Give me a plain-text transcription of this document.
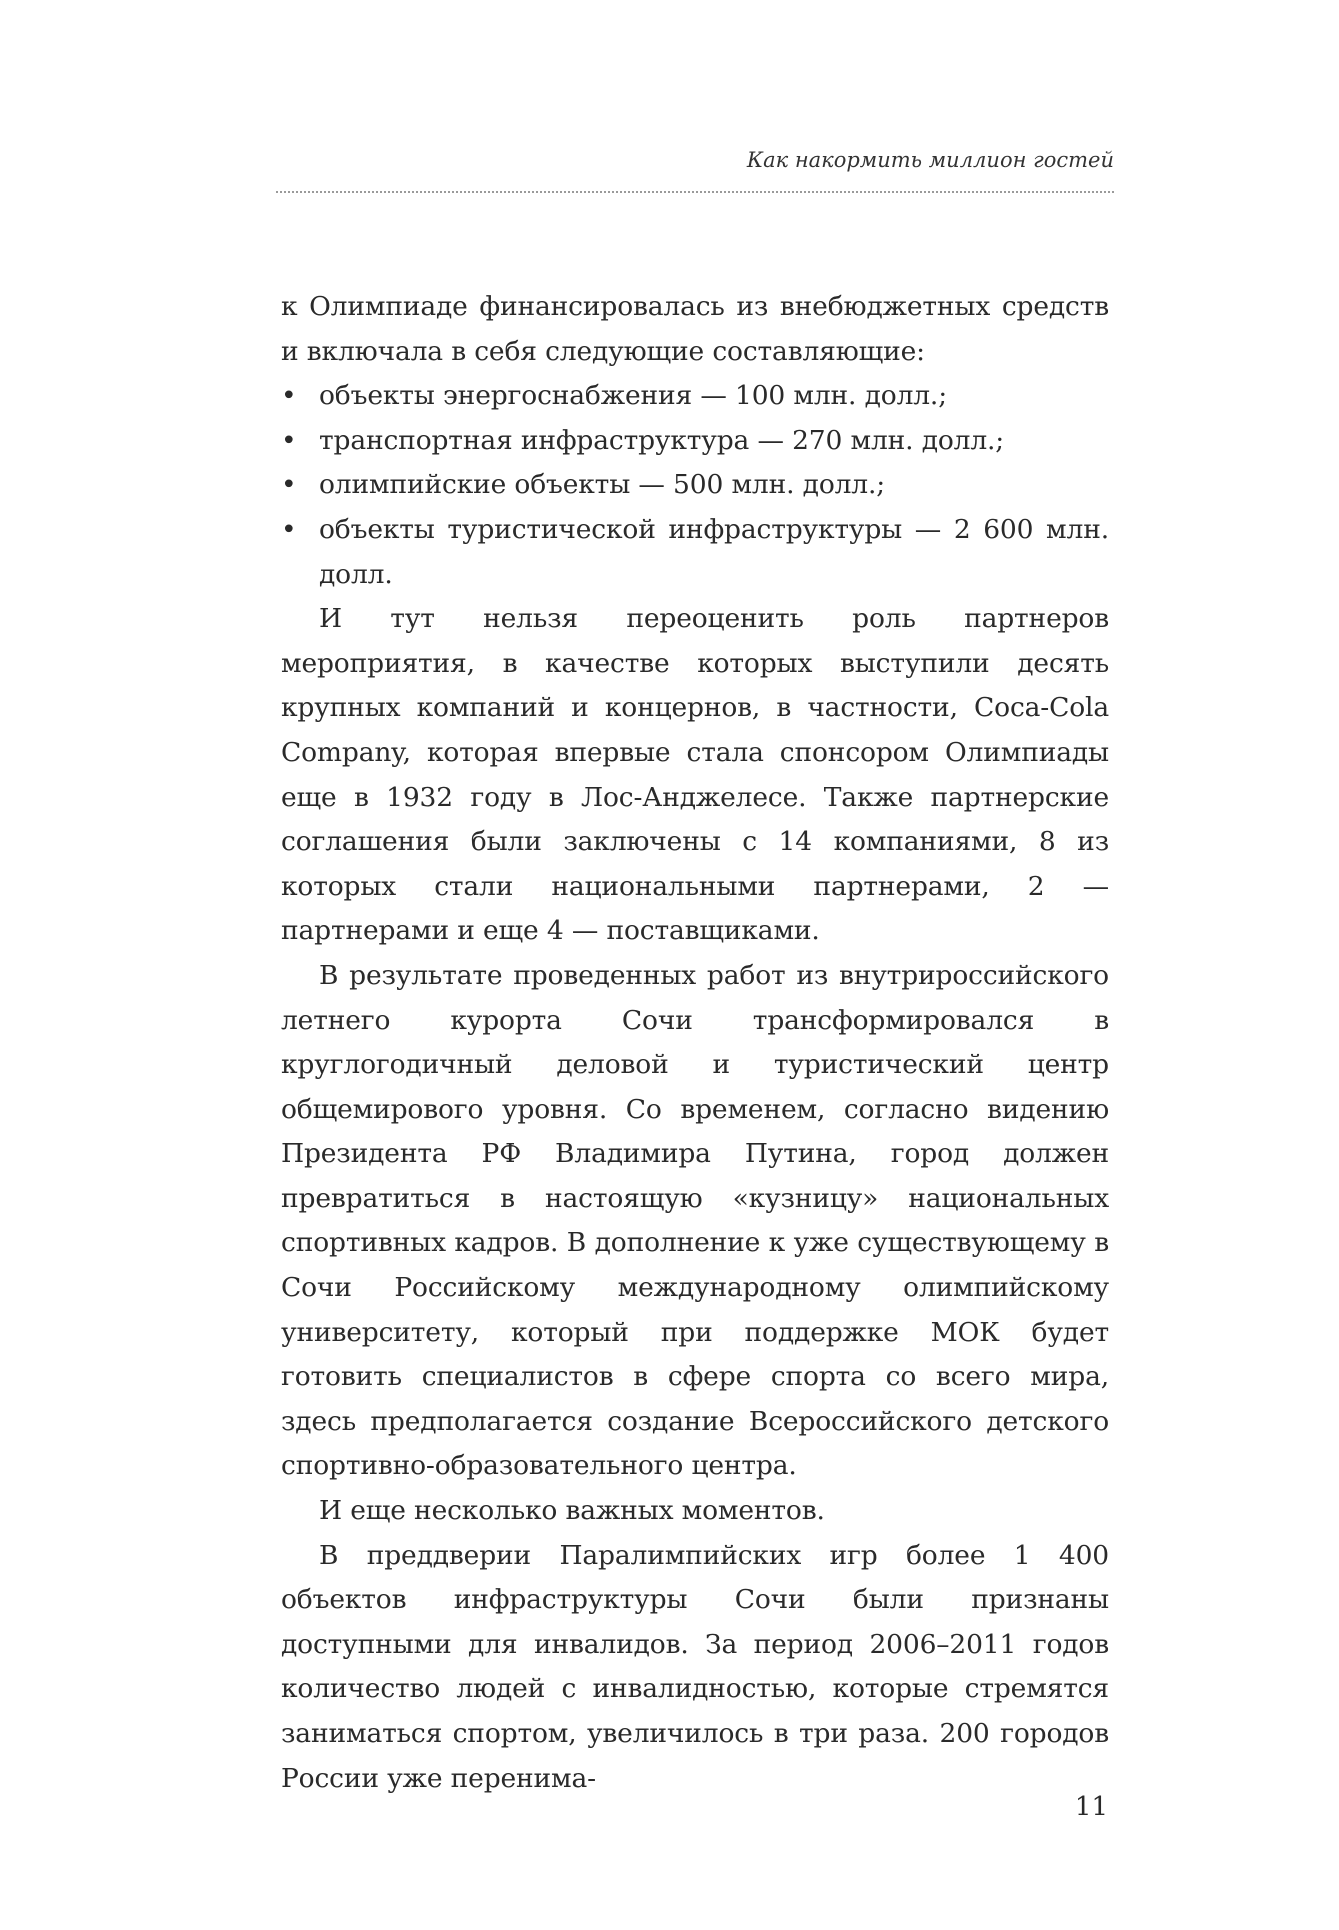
Как накормить миллион гостей

к Олимпиаде финансировалась из внебюджетных средств и включала в себя следующие составляющие:

• объекты энергоснабжения — 100 млн. долл.;
• транспортная инфраструктура — 270 млн. долл.;
• олимпийские объекты — 500 млн. долл.;
• объекты туристической инфраструктуры — 2 600 млн. долл.

И тут нельзя переоценить роль партнеров мероприятия, в качестве которых выступили десять крупных компаний и концернов, в частности, Coca-Cola Company, которая впервые стала спонсором Олимпиады еще в 1932 году в Лос-Анджелесе. Также партнерские соглашения были заключены с 14 компаниями, 8 из которых стали национальными партнерами, 2 — партнерами и еще 4 — поставщиками.

В результате проведенных работ из внутрироссийского летнего курорта Сочи трансформировался в круглогодичный деловой и туристический центр общемирового уровня. Со временем, согласно видению Президента РФ Владимира Путина, город должен превратиться в настоящую «кузницу» национальных спортивных кадров. В дополнение к уже существующему в Сочи Российскому международному олимпийскому университету, который при поддержке МОК будет готовить специалистов в сфере спорта со всего мира, здесь предполагается создание Всероссийского детского спортивно-образовательного центра.

И еще несколько важных моментов.

В преддверии Паралимпийских игр более 1 400 объектов инфраструктуры Сочи были признаны доступными для инвалидов. За период 2006–2011 годов количество людей с инвалидностью, которые стремятся заниматься спортом, увеличилось в три раза. 200 городов России уже перенима-

11
